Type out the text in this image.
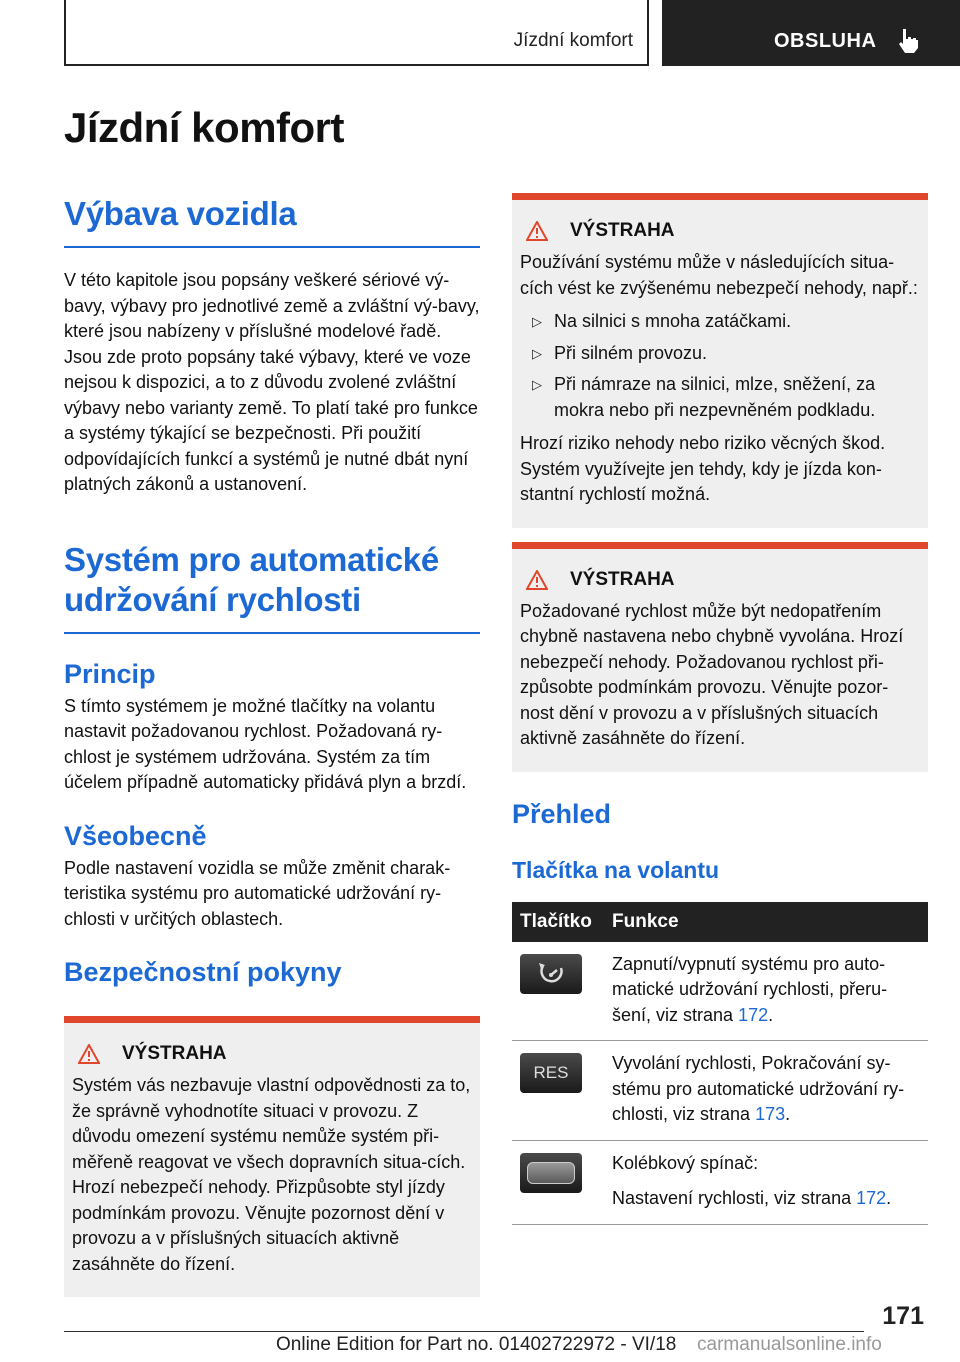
Jízdní komfort	OBSLUHA
Jízdní komfort
Výbava vozidla

V této kapitole jsou popsány veškeré sériové vý-bavy, výbavy pro jednotlivé země a zvláštní vý-bavy, které jsou nabízeny v příslušné modelové řadě. Jsou zde proto popsány také výbavy, které ve voze nejsou k dispozici, a to z důvodu zvolené zvláštní výbavy nebo varianty země. To platí také pro funkce a systémy týkající se bezpečnosti. Při použití odpovídajících funkcí a systémů je nutné dbát nyní platných zákonů a ustanovení.

Systém pro automatické udržování rychlosti
Princip

S tímto systémem je možné tlačítky na volantu nastavit požadovanou rychlost. Požadovaná ry-chlost je systémem udržována. Systém za tím účelem případně automaticky přidává plyn a brzdí.

Všeobecně

Podle nastavení vozidla se může změnit charak-teristika systému pro automatické udržování ry-chlosti v určitých oblastech.

Bezpečnostní pokyny
VÝSTRAHA

Systém vás nezbavuje vlastní odpovědnosti za to, že správně vyhodnotíte situaci v provozu. Z důvodu omezení systému nemůže systém při-měřeně reagovat ve všech dopravních situa-cích. Hrozí nebezpečí nehody. Přizpůsobte styl jízdy podmínkám provozu. Věnujte pozornost dění v provozu a v příslušných situacích aktivně zasáhněte do řízení.

VÝSTRAHA

Používání systému může v následujících situa-cích vést ke zvýšenému nebezpečí nehody, např.:

▷ Na silnici s mnoha zatáčkami.
▷ Při silném provozu.
▷ Při námraze na silnici, mlze, sněžení, za mokra nebo při nezpevněném podkladu.

Hrozí riziko nehody nebo riziko věcných škod. Systém využívejte jen tehdy, kdy je jízda kon-stantní rychlostí možná.

VÝSTRAHA

Požadované rychlost může být nedopatřením chybně nastavena nebo chybně vyvolána. Hrozí nebezpečí nehody. Požadovanou rychlost při-způsobte podmínkám provozu. Věnujte pozor-nost dění v provozu a v příslušných situacích aktivně zasáhněte do řízení.

Přehled
Tlačítka na volantu
Tlačítko	Funkce

	Zapnutí/vypnutí systému pro auto-matické udržování rychlosti, přeru-šení, viz strana 172.

RES	Vyvolání rychlosti, Pokračování sy-stému pro automatické udržování ry-chlosti, viz strana 173.

	Kolébkový spínač:
Nastavení rychlosti, viz strana 172.
171
Online Edition for Part no. 01402722972 - VI/18 carmanualsonline.info
